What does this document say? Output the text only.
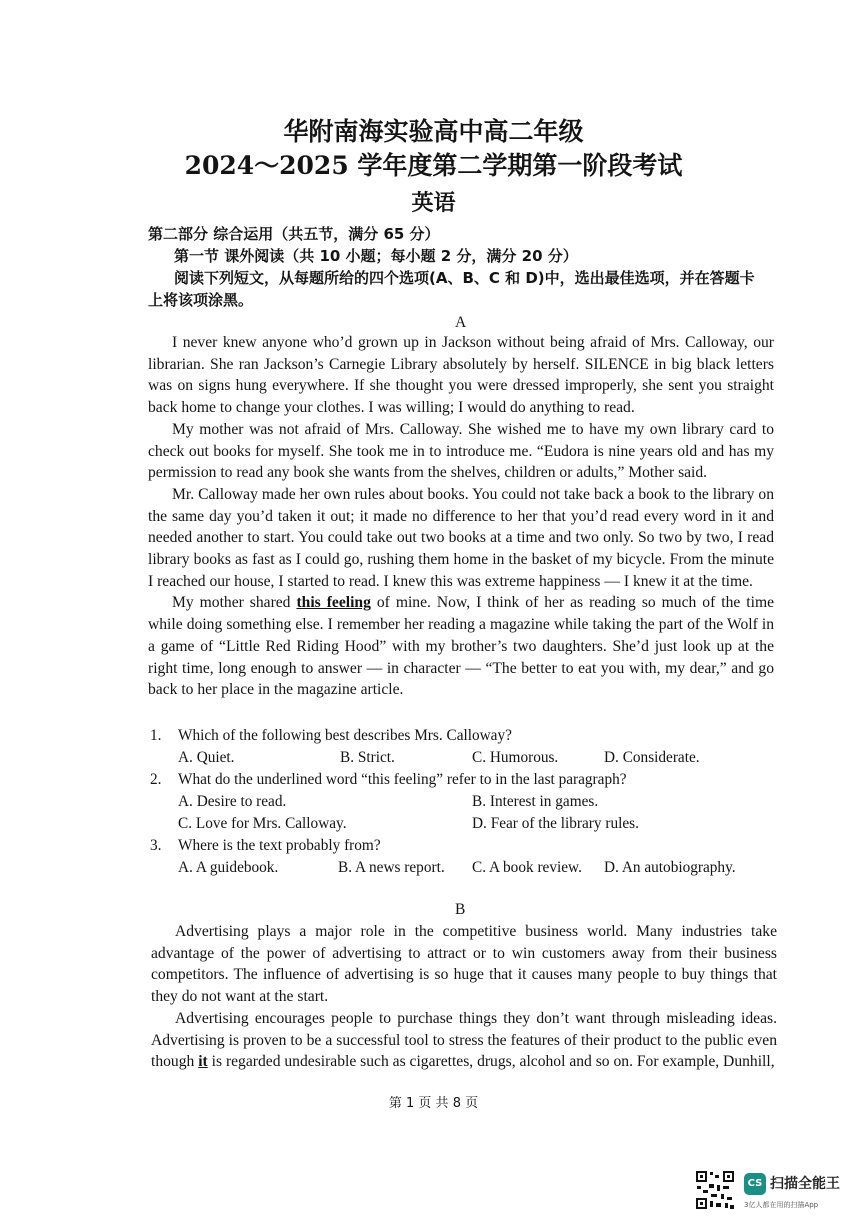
华附南海实验高中高二年级
2024～2025 学年度第二学期第一阶段考试
英语
第二部分 综合运用（共五节，满分 65 分）
第一节 课外阅读（共 10 小题；每小题 2 分，满分 20 分）
阅读下列短文，从每题所给的四个选项(A、B、C 和 D)中，选出最佳选项，并在答题卡
上将该项涂黑。
A

I never knew anyone who’d grown up in Jackson without being afraid of Mrs. Calloway, our librarian. She ran Jackson’s Carnegie Library absolutely by herself. SILENCE in big black letters was on signs hung everywhere. If she thought you were dressed improperly, she sent you straight back home to change your clothes. I was willing; I would do anything to read.

My mother was not afraid of Mrs. Calloway. She wished me to have my own library card to check out books for myself. She took me in to introduce me. “Eudora is nine years old and has my permission to read any book she wants from the shelves, children or adults,” Mother said.

Mr. Calloway made her own rules about books. You could not take back a book to the library on the same day you’d taken it out; it made no difference to her that you’d read every word in it and needed another to start. You could take out two books at a time and two only. So two by two, I read library books as fast as I could go, rushing them home in the basket of my bicycle. From the minute I reached our house, I started to read. I knew this was extreme happiness — I knew it at the time.

My mother shared this feeling of mine. Now, I think of her as reading so much of the time while doing something else. I remember her reading a magazine while taking the part of the Wolf in a game of “Little Red Riding Hood” with my brother’s two daughters. She’d just look up at the right time, long enough to answer — in character — “The better to eat you with, my dear,” and go back to her place in the magazine article.

1. Which of the following best describes Mrs. Calloway?
A. Quiet.	B. Strict.	C. Humorous.	D. Considerate.
2. What do the underlined word “this feeling” refer to in the last paragraph?
A. Desire to read.	B. Interest in games.
C. Love for Mrs. Calloway.	D. Fear of the library rules.
3. Where is the text probably from?
A. A guidebook.	B. A news report. C. A book review. D. An autobiography.
B

Advertising plays a major role in the competitive business world. Many industries take advantage of the power of advertising to attract or to win customers away from their business competitors. The influence of advertising is so huge that it causes many people to buy things that they do not want at the start.

Advertising encourages people to purchase things they don’t want through misleading ideas. Advertising is proven to be a successful tool to stress the features of their product to the public even though it is regarded undesirable such as cigarettes, drugs, alcohol and so on. For example, Dunhill,

第 1 页 共 8 页
CS 扫描全能王
3亿人都在用的扫描App
